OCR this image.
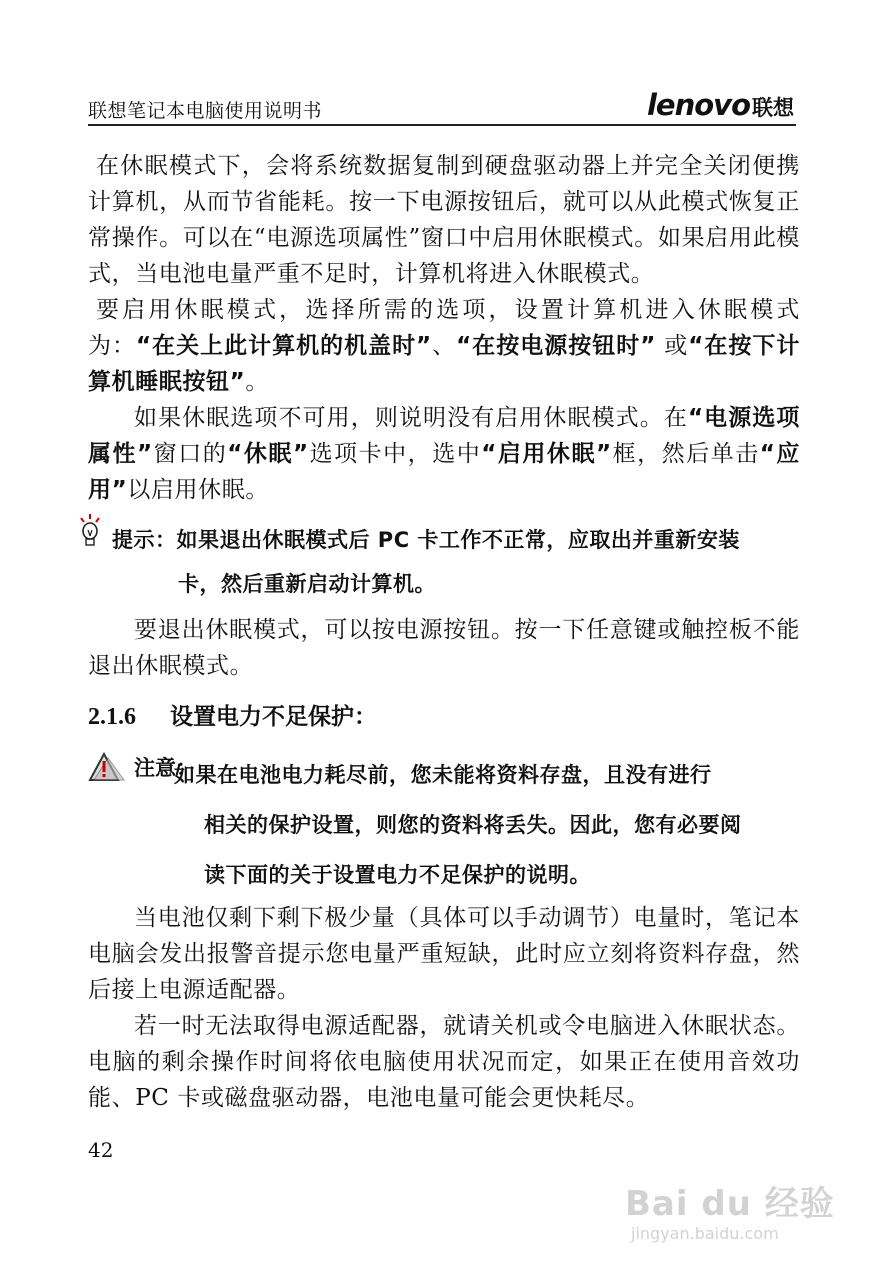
联想笔记本电脑使用说明书	lenovo 联想

在休眠模式下，会将系统数据复制到硬盘驱动器上并完全关闭便携计算机，从而节省能耗。按一下电源按钮后，就可以从此模式恢复正常操作。可以在“电源选项属性”窗口中启用休眠模式。如果启用此模式，当电池电量严重不足时，计算机将进入休眠模式。

要启用休眠模式，选择所需的选项，设置计算机进入休眠模式为：“在关上此计算机的机盖时”、“在按电源按钮时” 或“在按下计算机睡眠按钮”。

如果休眠选项不可用，则说明没有启用休眠模式。在“电源选项属性”窗口的“休眠”选项卡中，选中“启用休眠”框，然后单击“应用”以启用休眠。

提示：如果退出休眠模式后 PC 卡工作不正常，应取出并重新安装
卡，然后重新启动计算机。

要退出休眠模式，可以按电源按钮。按一下任意键或触控板不能退出休眠模式。

2.1.6 设置电力不足保护：
注意：
如果在电池电力耗尽前，您未能将资料存盘，且没有进行
相关的保护设置，则您的资料将丢失。因此，您有必要阅
读下面的关于设置电力不足保护的说明。

当电池仅剩下剩下极少量（具体可以手动调节）电量时，笔记本电脑会发出报警音提示您电量严重短缺，此时应立刻将资料存盘，然后接上电源适配器。

若一时无法取得电源适配器，就请关机或令电脑进入休眠状态。电脑的剩余操作时间将依电脑使用状况而定，如果正在使用音效功能、PC 卡或磁盘驱动器，电池电量可能会更快耗尽。

42
Bai du 经验
jingyan.baidu.com
